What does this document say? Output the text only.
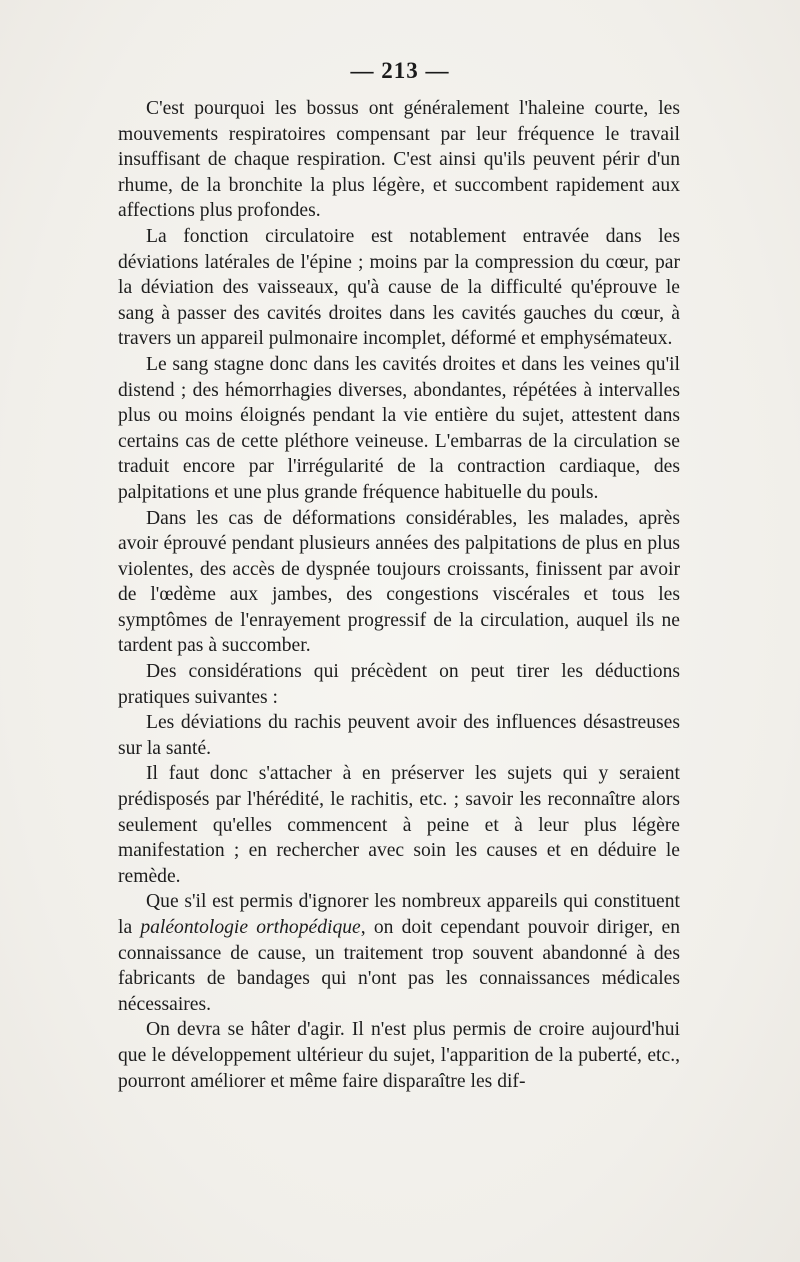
— 213 —

C'est pourquoi les bossus ont généralement l'haleine courte, les mouvements respiratoires compensant par leur fréquence le travail insuffisant de chaque respiration. C'est ainsi qu'ils peuvent périr d'un rhume, de la bronchite la plus légère, et succombent rapidement aux affections plus profondes.

La fonction circulatoire est notablement entravée dans les déviations latérales de l'épine ; moins par la compression du cœur, par la déviation des vaisseaux, qu'à cause de la difficulté qu'éprouve le sang à passer des cavités droites dans les cavités gauches du cœur, à travers un appareil pulmonaire incomplet, déformé et emphysémateux.

Le sang stagne donc dans les cavités droites et dans les veines qu'il distend ; des hémorrhagies diverses, abondantes, répétées à intervalles plus ou moins éloignés pendant la vie entière du sujet, attestent dans certains cas de cette pléthore veineuse. L'embarras de la circulation se traduit encore par l'irrégularité de la contraction cardiaque, des palpitations et une plus grande fréquence habituelle du pouls.

Dans les cas de déformations considérables, les malades, après avoir éprouvé pendant plusieurs années des palpitations de plus en plus violentes, des accès de dyspnée toujours croissants, finissent par avoir de l'œdème aux jambes, des congestions viscérales et tous les symptômes de l'enrayement progressif de la circulation, auquel ils ne tardent pas à succomber.

Des considérations qui précèdent on peut tirer les déductions pratiques suivantes :

Les déviations du rachis peuvent avoir des influences désastreuses sur la santé.

Il faut donc s'attacher à en préserver les sujets qui y seraient prédisposés par l'hérédité, le rachitis, etc. ; savoir les reconnaître alors seulement qu'elles commencent à peine et à leur plus légère manifestation ; en rechercher avec soin les causes et en déduire le remède.

Que s'il est permis d'ignorer les nombreux appareils qui constituent la paléontologie orthopédique, on doit cependant pouvoir diriger, en connaissance de cause, un traitement trop souvent abandonné à des fabricants de bandages qui n'ont pas les connaissances médicales nécessaires.

On devra se hâter d'agir. Il n'est plus permis de croire aujourd'hui que le développement ultérieur du sujet, l'apparition de la puberté, etc., pourront améliorer et même faire disparaître les dif-
